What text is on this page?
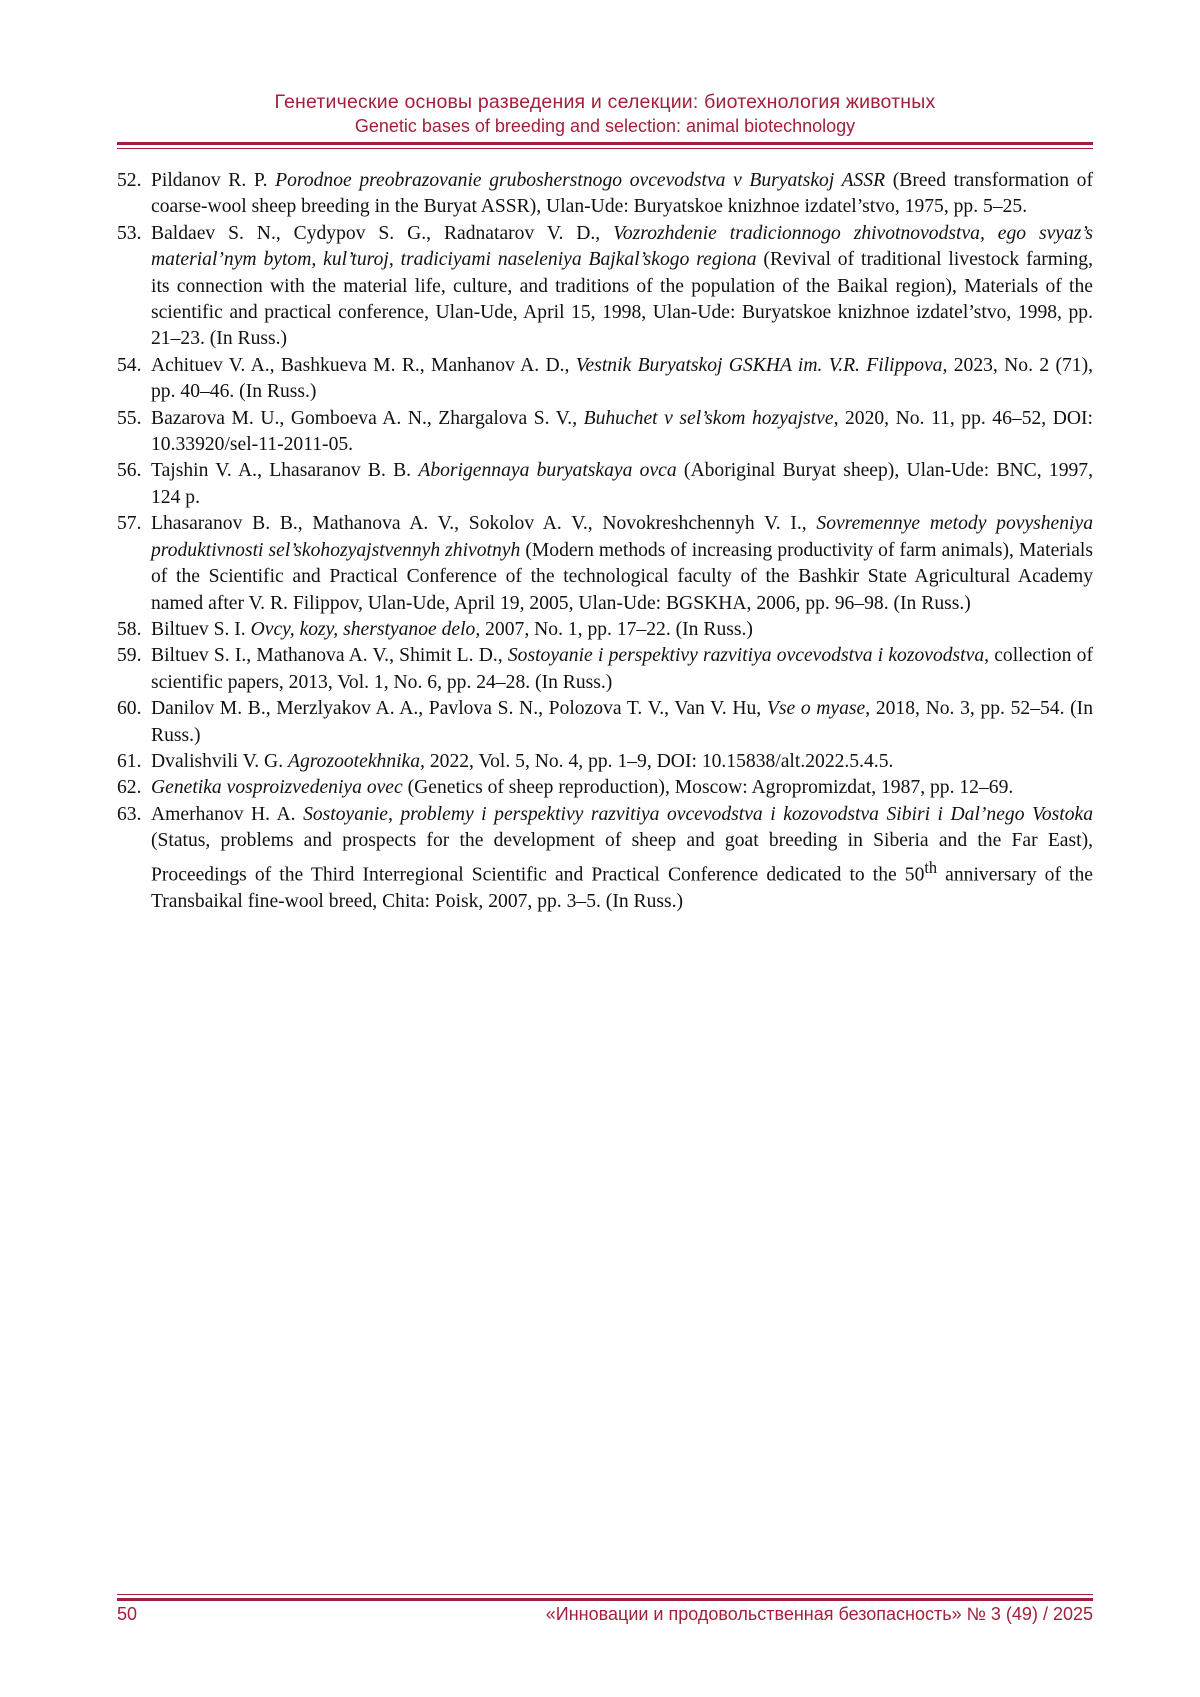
Генетические основы разведения и селекции: биотехнология животных
Genetic bases of breeding and selection: animal biotechnology
52. Pildanov R. P. Porodnoe preobrazovanie grubosherstnogo ovcevodstva v Buryatskoj ASSR (Breed transformation of coarse-wool sheep breeding in the Buryat ASSR), Ulan-Ude: Buryatskoe knizhnoe izdatel’stvo, 1975, pp. 5–25.
53. Baldaev S. N., Cydypov S. G., Radnatarov V. D., Vozrozhdenie tradicionnogo zhivotnovodstva, ego svyaz’s material’nym bytom, kul’turoj, tradiciyami naseleniya Bajkal’skogo regiona (Revival of traditional livestock farming, its connection with the material life, culture, and traditions of the population of the Baikal region), Materials of the scientific and practical conference, Ulan-Ude, April 15, 1998, Ulan-Ude: Buryatskoe knizhnoe izdatel’stvo, 1998, pp. 21–23. (In Russ.)
54. Achituev V. A., Bashkueva M. R., Manhanov A. D., Vestnik Buryatskoj GSKHA im. V.R. Filippova, 2023, No. 2 (71), pp. 40–46. (In Russ.)
55. Bazarova M. U., Gomboeva A. N., Zhargalova S. V., Buhuchet v sel’skom hozyajstve, 2020, No. 11, pp. 46–52, DOI: 10.33920/sel-11-2011-05.
56. Tajshin V. A., Lhasaranov B. B. Aborigennaya buryatskaya ovca (Aboriginal Buryat sheep), Ulan-Ude: BNC, 1997, 124 p.
57. Lhasaranov B. B., Mathanova A. V., Sokolov A. V., Novokreshchennyh V. I., Sovremennye metody povysheniya produktivnosti sel’skohozyajstvennyh zhivotnyh (Modern methods of increasing productivity of farm animals), Materials of the Scientific and Practical Conference of the technological faculty of the Bashkir State Agricultural Academy named after V. R. Filippov, Ulan-Ude, April 19, 2005, Ulan-Ude: BGSKHA, 2006, pp. 96–98. (In Russ.)
58. Biltuev S. I. Ovcy, kozy, sherstyanoe delo, 2007, No. 1, pp. 17–22. (In Russ.)
59. Biltuev S. I., Mathanova A. V., Shimit L. D., Sostoyanie i perspektivy razvitiya ovcevodstva i kozovodstva, collection of scientific papers, 2013, Vol. 1, No. 6, pp. 24–28. (In Russ.)
60. Danilov M. B., Merzlyakov A. A., Pavlova S. N., Polozova T. V., Van V. Hu, Vse o myase, 2018, No. 3, pp. 52–54. (In Russ.)
61. Dvalishvili V. G. Agrozootekhnika, 2022, Vol. 5, No. 4, pp. 1–9, DOI: 10.15838/alt.2022.5.4.5.
62. Genetika vosproizvedeniya ovec (Genetics of sheep reproduction), Moscow: Agropromizdat, 1987, pp. 12–69.
63. Amerhanov H. A. Sostoyanie, problemy i perspektivy razvitiya ovcevodstva i kozovodstva Sibiri i Dal’nego Vostoka (Status, problems and prospects for the development of sheep and goat breeding in Siberia and the Far East), Proceedings of the Third Interregional Scientific and Practical Conference dedicated to the 50th anniversary of the Transbaikal fine-wool breed, Chita: Poisk, 2007, pp. 3–5. (In Russ.)
50	«Инновации и продовольственная безопасность» № 3 (49) / 2025
